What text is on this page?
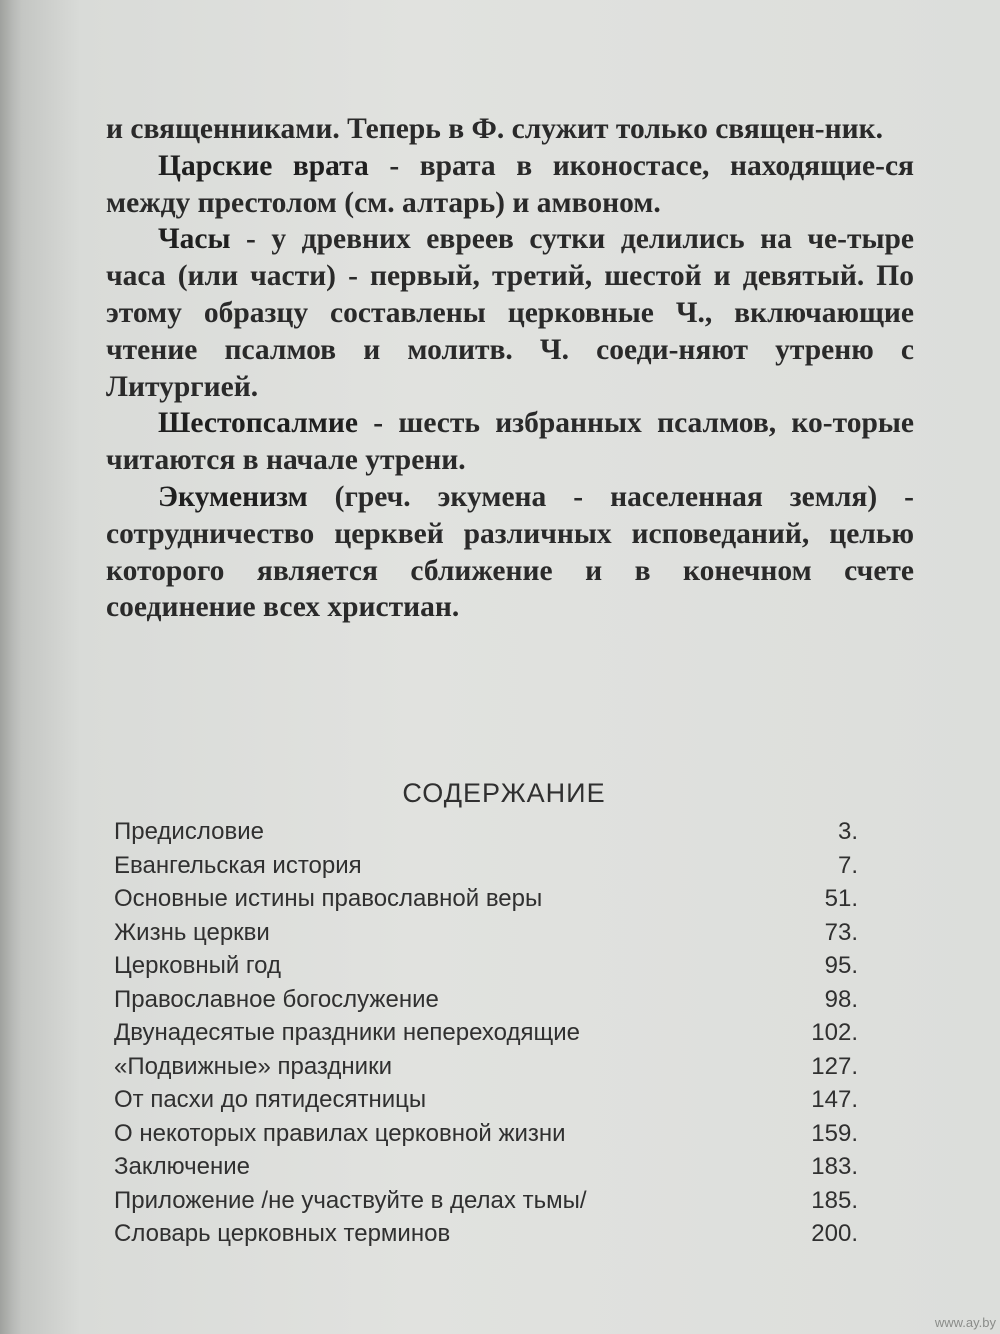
и священниками. Теперь в Ф. служит только священ-ник.

Царские врата - врата в иконостасе, находящие-ся между престолом (см. алтарь) и амвоном.

Часы - у древних евреев сутки делились на че-тыре часа (или части) - первый, третий, шестой и девятый. По этому образцу составлены церковные Ч., включающие чтение псалмов и молитв. Ч. соеди-няют утреню с Литургией.

Шестопсалмие - шесть избранных псалмов, ко-торые читаются в начале утрени.

Экуменизм (греч. экумена - населенная земля) - сотрудничество церквей различных исповеданий, целью которого является сближение и в конечном счете соединение всех христиан.

СОДЕРЖАНИЕ
Предисловие	3.
Евангельская история	7.
Основные истины православной веры	51.
Жизнь церкви	73.
Церковный год	95.
Православное богослужение	98.
Двунадесятые праздники непереходящие	102.
«Подвижные» праздники	127.
От пасхи до пятидесятницы	147.
О некоторых правилах церковной жизни	159.
Заключение	183.
Приложение /не участвуйте в делах тьмы/	185.
Словарь церковных терминов	200.
www.ay.by
